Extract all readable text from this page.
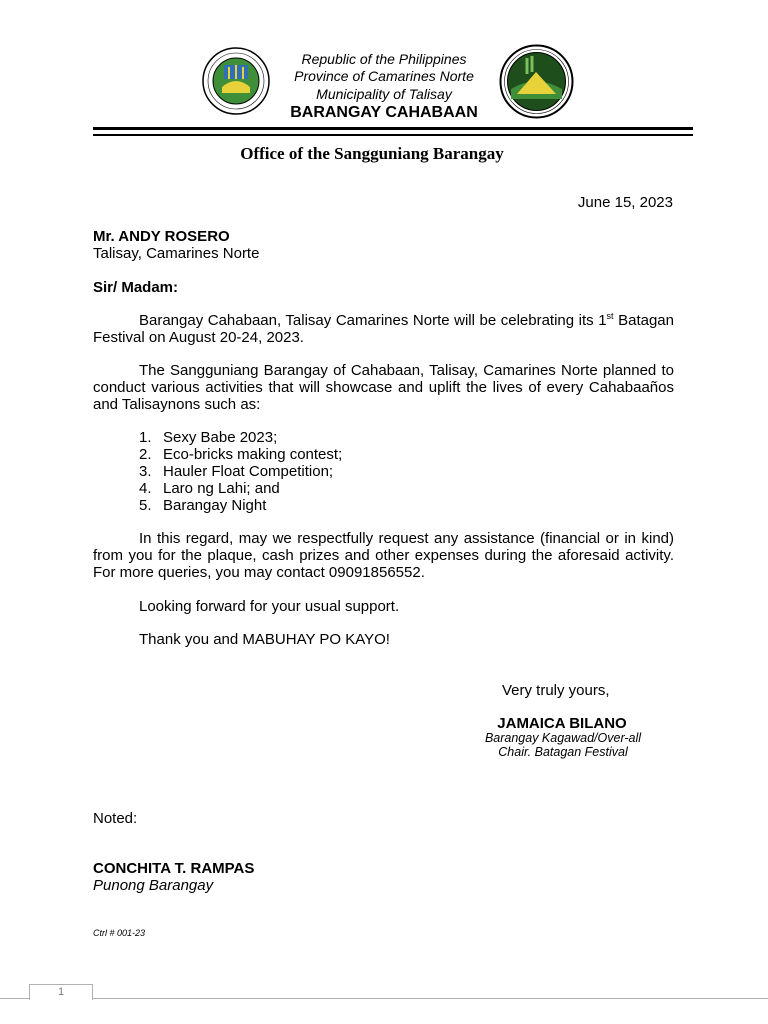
Republic of the Philippines
Province of Camarines Norte
Municipality of Talisay
BARANGAY CAHABAAN
Office of the Sangguniang Barangay
June 15, 2023
Mr. ANDY ROSERO
Talisay, Camarines Norte
Sir/ Madam:
Barangay Cahabaan, Talisay Camarines Norte will be celebrating its 1st Batagan Festival on August 20-24, 2023.
The Sangguniang Barangay of Cahabaan, Talisay, Camarines Norte planned to conduct various activities that will showcase and uplift the lives of every Cahabaaños and Talisaynons such as:
1. Sexy Babe 2023;
2. Eco-bricks making contest;
3. Hauler Float Competition;
4. Laro ng Lahi; and
5. Barangay Night
In this regard, may we respectfully request any assistance (financial or in kind) from you for the plaque, cash prizes and other expenses during the aforesaid activity. For more queries, you may contact 09091856552.
Looking forward for your usual support.
Thank you and MABUHAY PO KAYO!
Very truly yours,
JAMAICA BILANO
Barangay Kagawad/Over-all
Chair. Batagan Festival
Noted:
CONCHITA T. RAMPAS
Punong Barangay
Ctrl # 001-23
1
